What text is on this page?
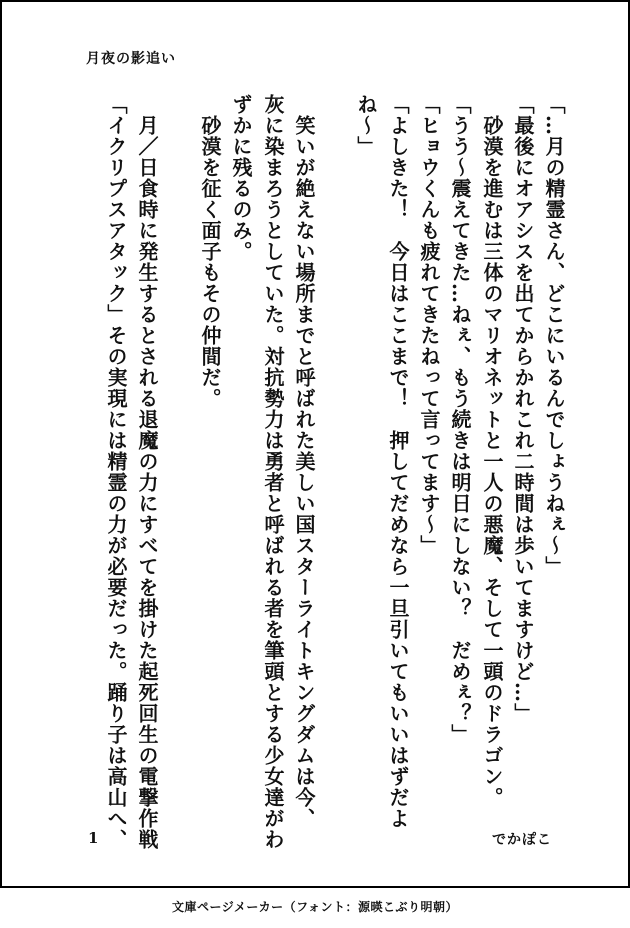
月夜の影追い
「…月の精霊さん、どこにいるんでしょうねぇ～」
「最後にオアシスを出てからかれこれ二時間は歩いてますけど…」
　砂漠を進むは三体のマリオネットと一人の悪魔、そして一頭のドラゴン。
「うう～震えてきた…ねぇ、もう続きは明日にしない？　だめぇ？」
「ヒョウくんも疲れてきたねって言ってます～」
「よしきた！　今日はここまで！　押してだめなら一旦引いてもいいはずだよ
ね～」
　笑いが絶えない場所までと呼ばれた美しい国スターライトキングダムは今、
灰に染まろうとしていた。対抗勢力は勇者と呼ばれる者を筆頭とする少女達がわ
ずかに残るのみ。
　砂漠を征く面子もその仲間だ。
　月／日食時に発生するとされる退魔の力にすべてを掛けた起死回生の電撃作戦
「イクリプスアタック」その実現には精霊の力が必要だった。踊り子は高山へ、
1	でかぽこ
文庫ページメーカー（フォント：源暎こぶり明朝）
